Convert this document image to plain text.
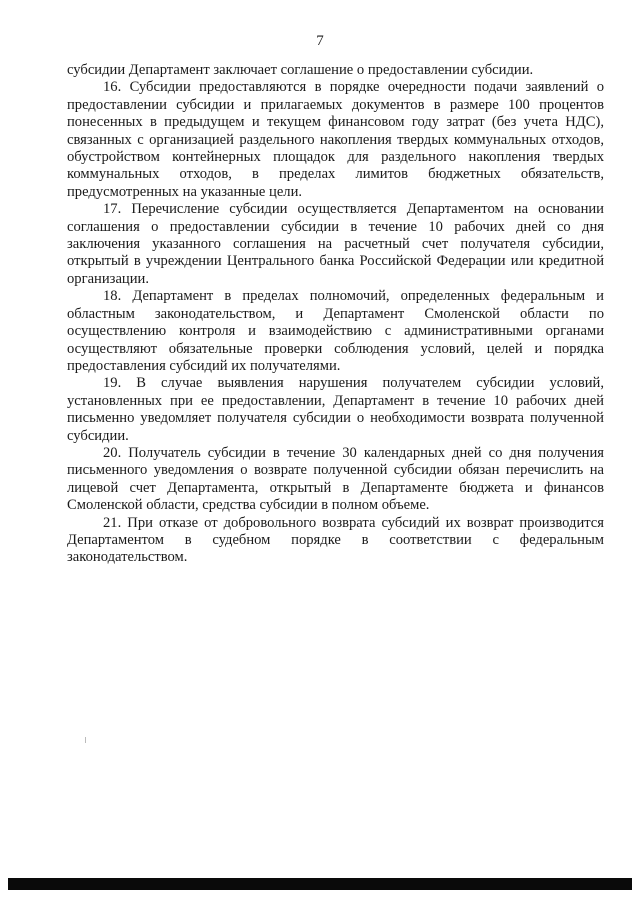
7

субсидии Департамент заключает соглашение о предоставлении субсидии.

16. Субсидии предоставляются в порядке очередности подачи заявлений о предоставлении субсидии и прилагаемых документов в размере 100 процентов понесенных в предыдущем и текущем финансовом году затрат (без учета НДС), связанных с организацией раздельного накопления твердых коммунальных отходов, обустройством контейнерных площадок для раздельного накопления твердых коммунальных отходов, в пределах лимитов бюджетных обязательств, предусмотренных на указанные цели.

17. Перечисление субсидии осуществляется Департаментом на основании соглашения о предоставлении субсидии в течение 10 рабочих дней со дня заключения указанного соглашения на расчетный счет получателя субсидии, открытый в учреждении Центрального банка Российской Федерации или кредитной организации.

18. Департамент в пределах полномочий, определенных федеральным и областным законодательством, и Департамент Смоленской области по осуществлению контроля и взаимодействию с административными органами осуществляют обязательные проверки соблюдения условий, целей и порядка предоставления субсидий их получателями.

19. В случае выявления нарушения получателем субсидии условий, установленных при ее предоставлении, Департамент в течение 10 рабочих дней письменно уведомляет получателя субсидии о необходимости возврата полученной субсидии.

20. Получатель субсидии в течение 30 календарных дней со дня получения письменного уведомления о возврате полученной субсидии обязан перечислить на лицевой счет Департамента, открытый в Департаменте бюджета и финансов Смоленской области, средства субсидии в полном объеме.

21. При отказе от добровольного возврата субсидий их возврат производится Департаментом в судебном порядке в соответствии с федеральным законодательством.
